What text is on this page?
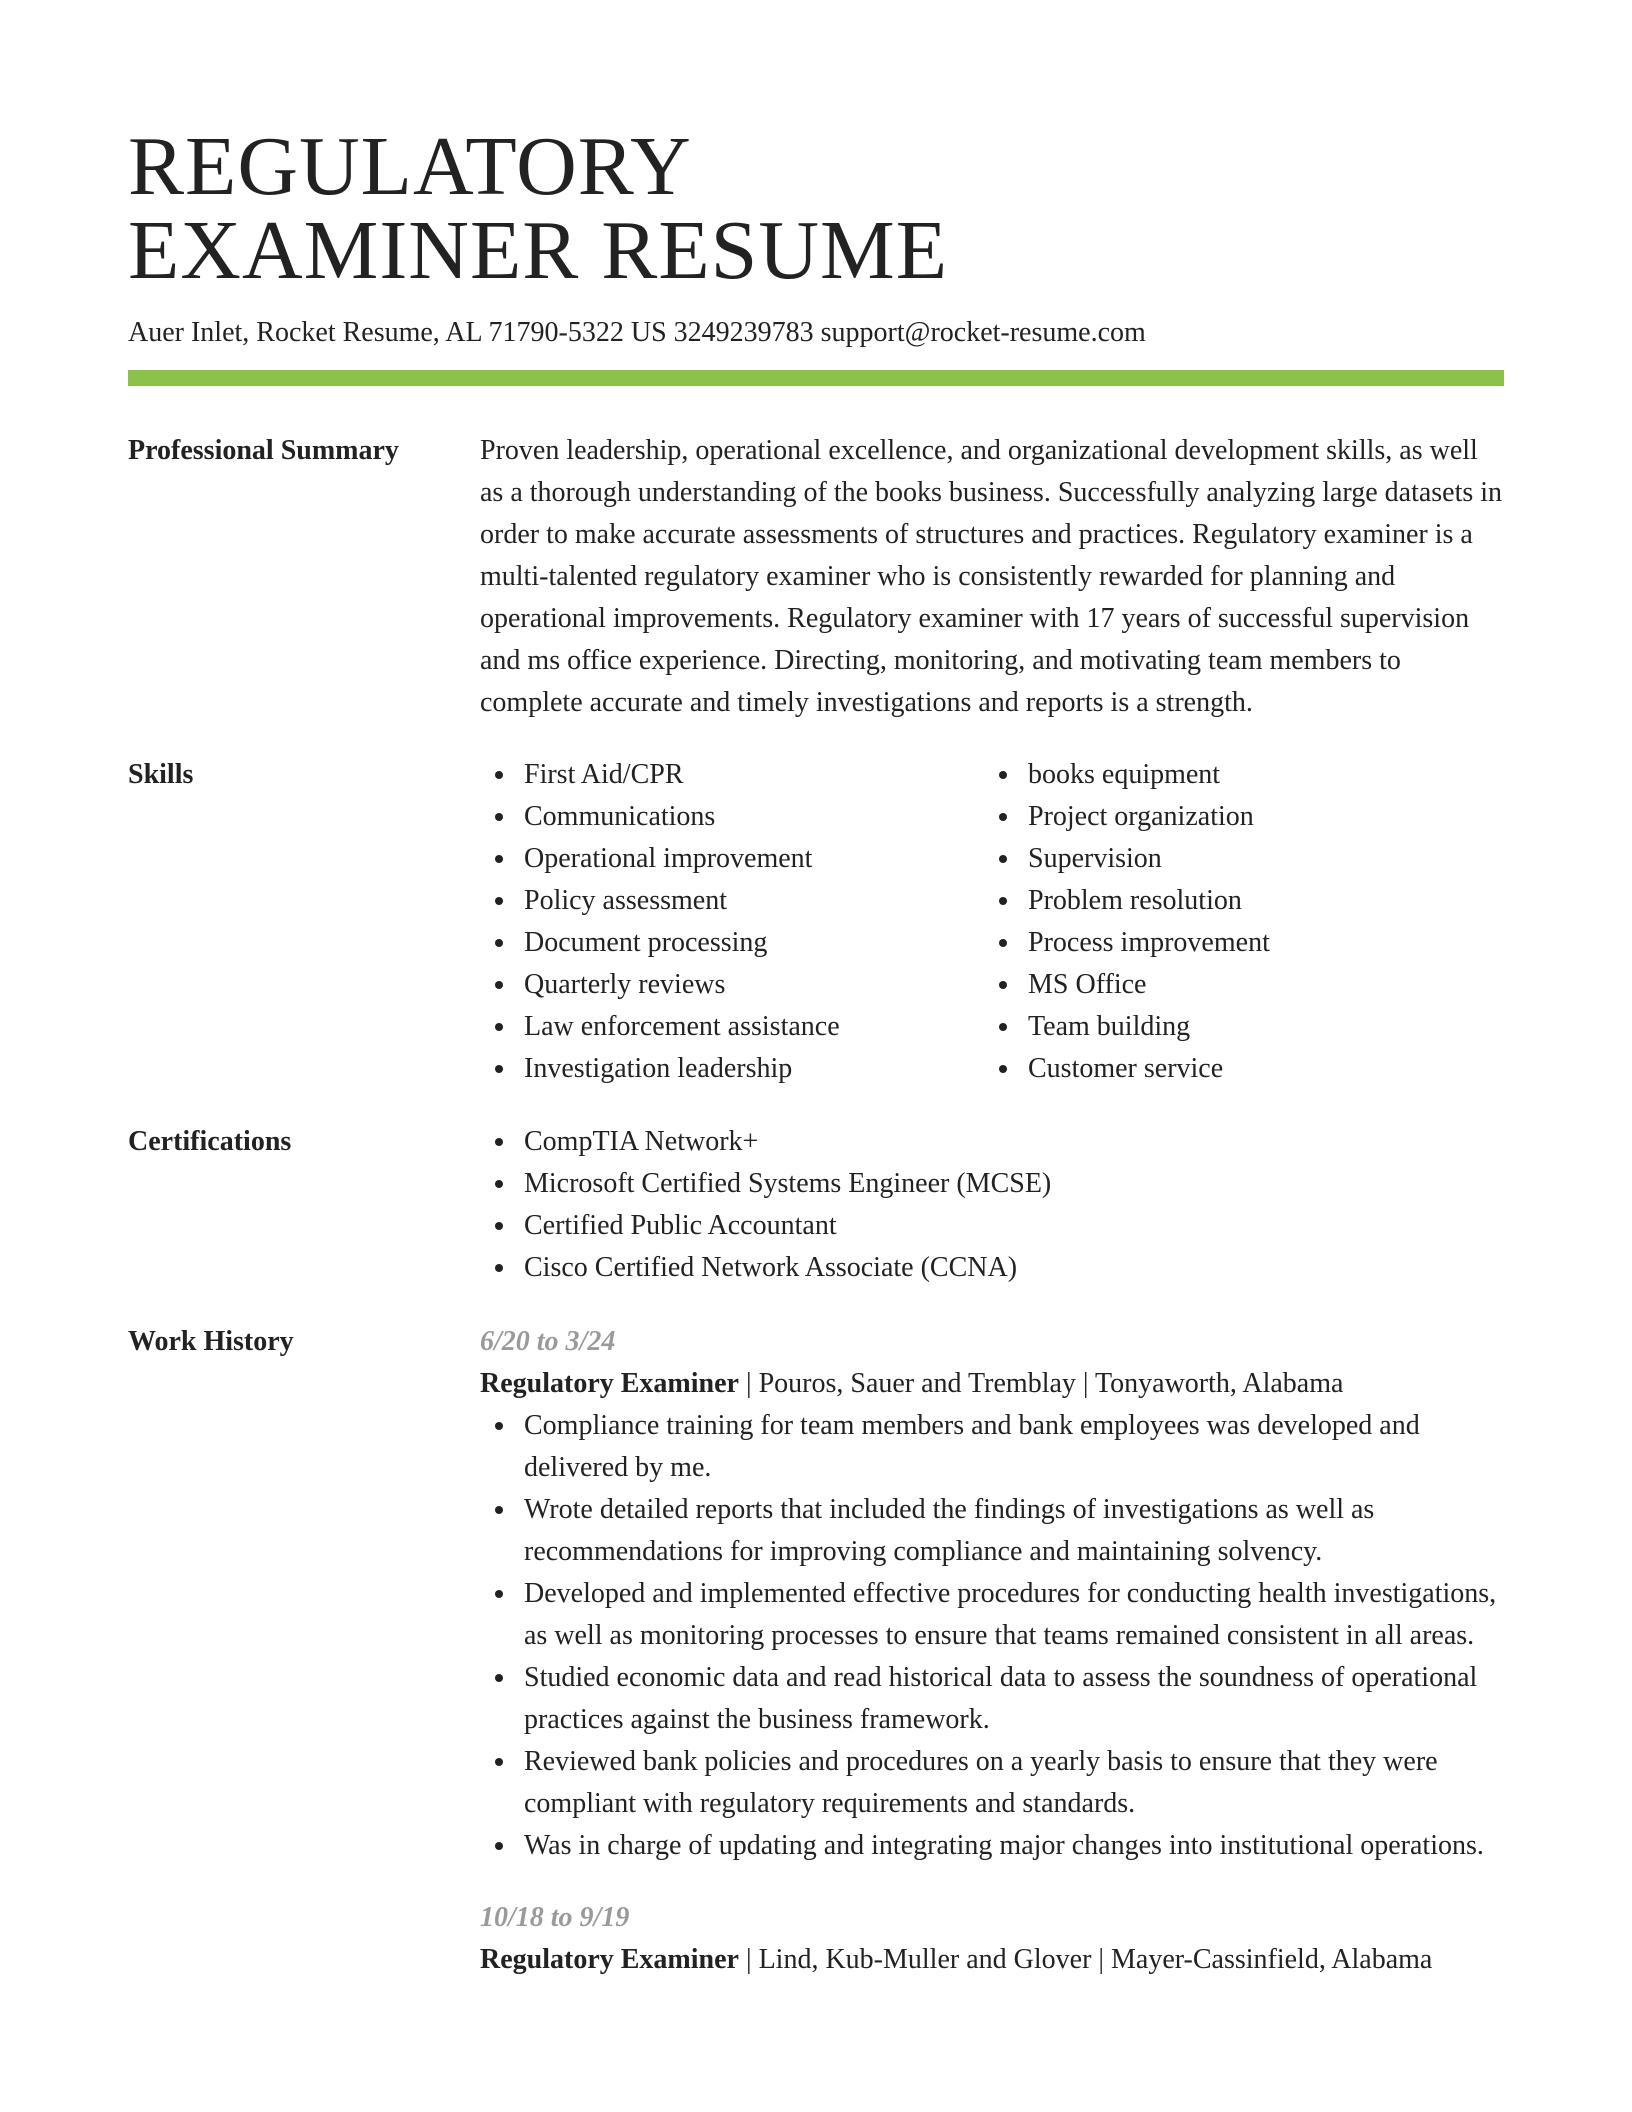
REGULATORY
EXAMINER RESUME
Auer Inlet, Rocket Resume, AL 71790-5322 US 3249239783 support@rocket-resume.com
Professional Summary	Proven leadership, operational excellence, and organizational development skills, as well as a thorough understanding of the books business. Successfully analyzing large datasets in order to make accurate assessments of structures and practices. Regulatory examiner is a multi-talented regulatory examiner who is consistently rewarded for planning and operational improvements. Regulatory examiner with 17 years of successful supervision and ms office experience. Directing, monitoring, and motivating team members to complete accurate and timely investigations and reports is a strength.

Skills	First Aid/CPR
Communications
Operational improvement
Policy assessment
Document processing
Quarterly reviews
Law enforcement assistance
Investigation leadership
books equipment
Project organization
Supervision
Problem resolution
Process improvement
MS Office
Team building
Customer service
Certifications	CompTIA Network+
Microsoft Certified Systems Engineer (MCSE)
Certified Public Accountant
Cisco Certified Network Associate (CCNA)
Work History	6/20 to 3/24
Regulatory Examiner | Pouros, Sauer and Tremblay | Tonyaworth, Alabama
Compliance training for team members and bank employees was developed and delivered by me.
Wrote detailed reports that included the findings of investigations as well as recommendations for improving compliance and maintaining solvency.
Developed and implemented effective procedures for conducting health investigations, as well as monitoring processes to ensure that teams remained consistent in all areas.
Studied economic data and read historical data to assess the soundness of operational practices against the business framework.
Reviewed bank policies and procedures on a yearly basis to ensure that they were compliant with regulatory requirements and standards.
Was in charge of updating and integrating major changes into institutional operations.
10/18 to 9/19
Regulatory Examiner | Lind, Kub-Muller and Glover | Mayer-Cassinfield, Alabama
